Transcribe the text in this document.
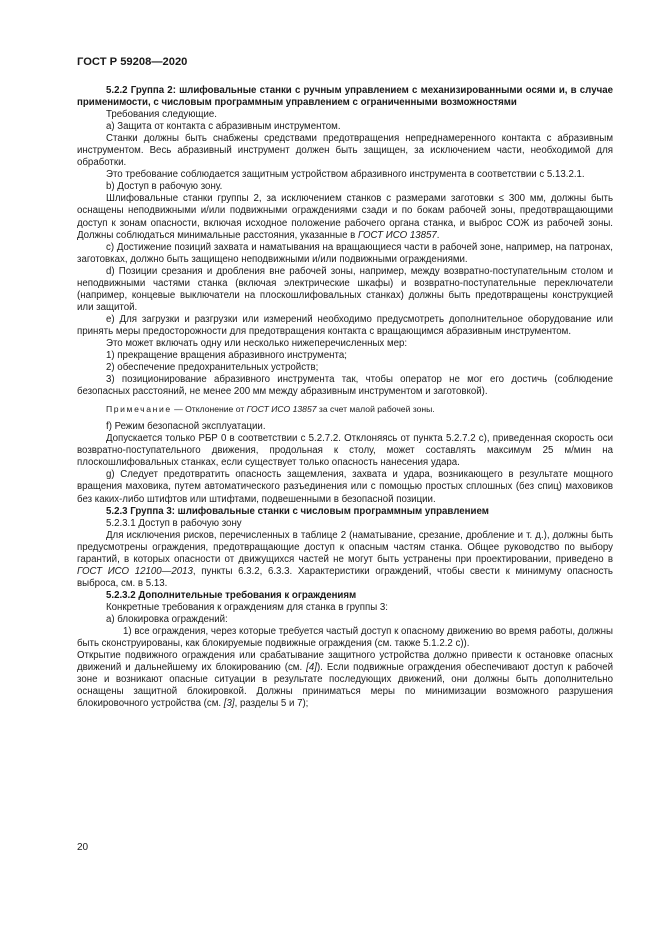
ГОСТ Р 59208—2020

5.2.2 Группа 2: шлифовальные станки с ручным управлением с механизированными осями и, в случае применимости, с числовым программным управлением с ограниченными возможностями

Требования следующие.

а) Защита от контакта с абразивным инструментом.

Станки должны быть снабжены средствами предотвращения непреднамеренного контакта с абразивным инструментом. Весь абразивный инструмент должен быть защищен, за исключением части, необходимой для обработки.

Это требование соблюдается защитным устройством абразивного инструмента в соответствии с 5.13.2.1.

b) Доступ в рабочую зону.

Шлифовальные станки группы 2, за исключением станков с размерами заготовки ≤ 300 мм, должны быть оснащены неподвижными и/или подвижными ограждениями сзади и по бокам рабочей зоны, предотвращающими доступ к зонам опасности, включая исходное положение рабочего органа станка, и выброс СОЖ из рабочей зоны. Должны соблюдаться минимальные расстояния, указанные в ГОСТ ИСО 13857.

с) Достижение позиций захвата и наматывания на вращающиеся части в рабочей зоне, например, на патронах, заготовках, должно быть защищено неподвижными и/или подвижными ограждениями.

d) Позиции срезания и дробления вне рабочей зоны, например, между возвратно-поступательным столом и неподвижными частями станка (включая электрические шкафы) и возвратно-поступательные переключатели (например, концевые выключатели на плоскошлифовальных станках) должны быть предотвращены конструкцией или защитой.

е) Для загрузки и разгрузки или измерений необходимо предусмотреть дополнительное оборудование или принять меры предосторожности для предотвращения контакта с вращающимся абразивным инструментом.

Это может включать одну или несколько нижеперечисленных мер:

1) прекращение вращения абразивного инструмента;

2) обеспечение предохранительных устройств;

3) позиционирование абразивного инструмента так, чтобы оператор не мог его достичь (соблюдение безопасных расстояний, не менее 200 мм между абразивным инструментом и заготовкой).

Примечание — Отклонение от ГОСТ ИСО 13857 за счет малой рабочей зоны.

f) Режим безопасной эксплуатации.

Допускается только РБР 0 в соответствии с 5.2.7.2. Отклоняясь от пункта 5.2.7.2 с), приведенная скорость оси возвратно-поступательного движения, продольная к столу, может составлять максимум 25 м/мин на плоскошлифовальных станках, если существует только опасность нанесения удара.

g) Следует предотвратить опасность защемления, захвата и удара, возникающего в результате мощного вращения маховика, путем автоматического разъединения или с помощью простых сплошных (без спиц) маховиков без каких-либо штифтов или штифтами, подвешенными в безопасной позиции.

5.2.3 Группа 3: шлифовальные станки с числовым программным управлением

5.2.3.1 Доступ в рабочую зону

Для исключения рисков, перечисленных в таблице 2 (наматывание, срезание, дробление и т. д.), должны быть предусмотрены ограждения, предотвращающие доступ к опасным частям станка. Общее руководство по выбору гарантий, в которых опасности от движущихся частей не могут быть устранены при проектировании, приведено в ГОСТ ИСО 12100—2013, пункты 6.3.2, 6.3.3. Характеристики ограждений, чтобы свести к минимуму опасность выброса, см. в 5.13.

5.2.3.2 Дополнительные требования к ограждениям

Конкретные требования к ограждениям для станка в группы 3:

а) блокировка ограждений:

1) все ограждения, через которые требуется частый доступ к опасному движению во время работы, должны быть сконструированы, как блокируемые подвижные ограждения (см. также 5.1.2.2 с)).

Открытие подвижного ограждения или срабатывание защитного устройства должно привести к остановке опасных движений и дальнейшему их блокированию (см. [4]). Если подвижные ограждения обеспечивают доступ к рабочей зоне и возникают опасные ситуации в результате последующих движений, они должны быть дополнительно оснащены защитной блокировкой. Должны приниматься меры по минимизации возможного разрушения блокировочного устройства (см. [3], разделы 5 и 7);

20
